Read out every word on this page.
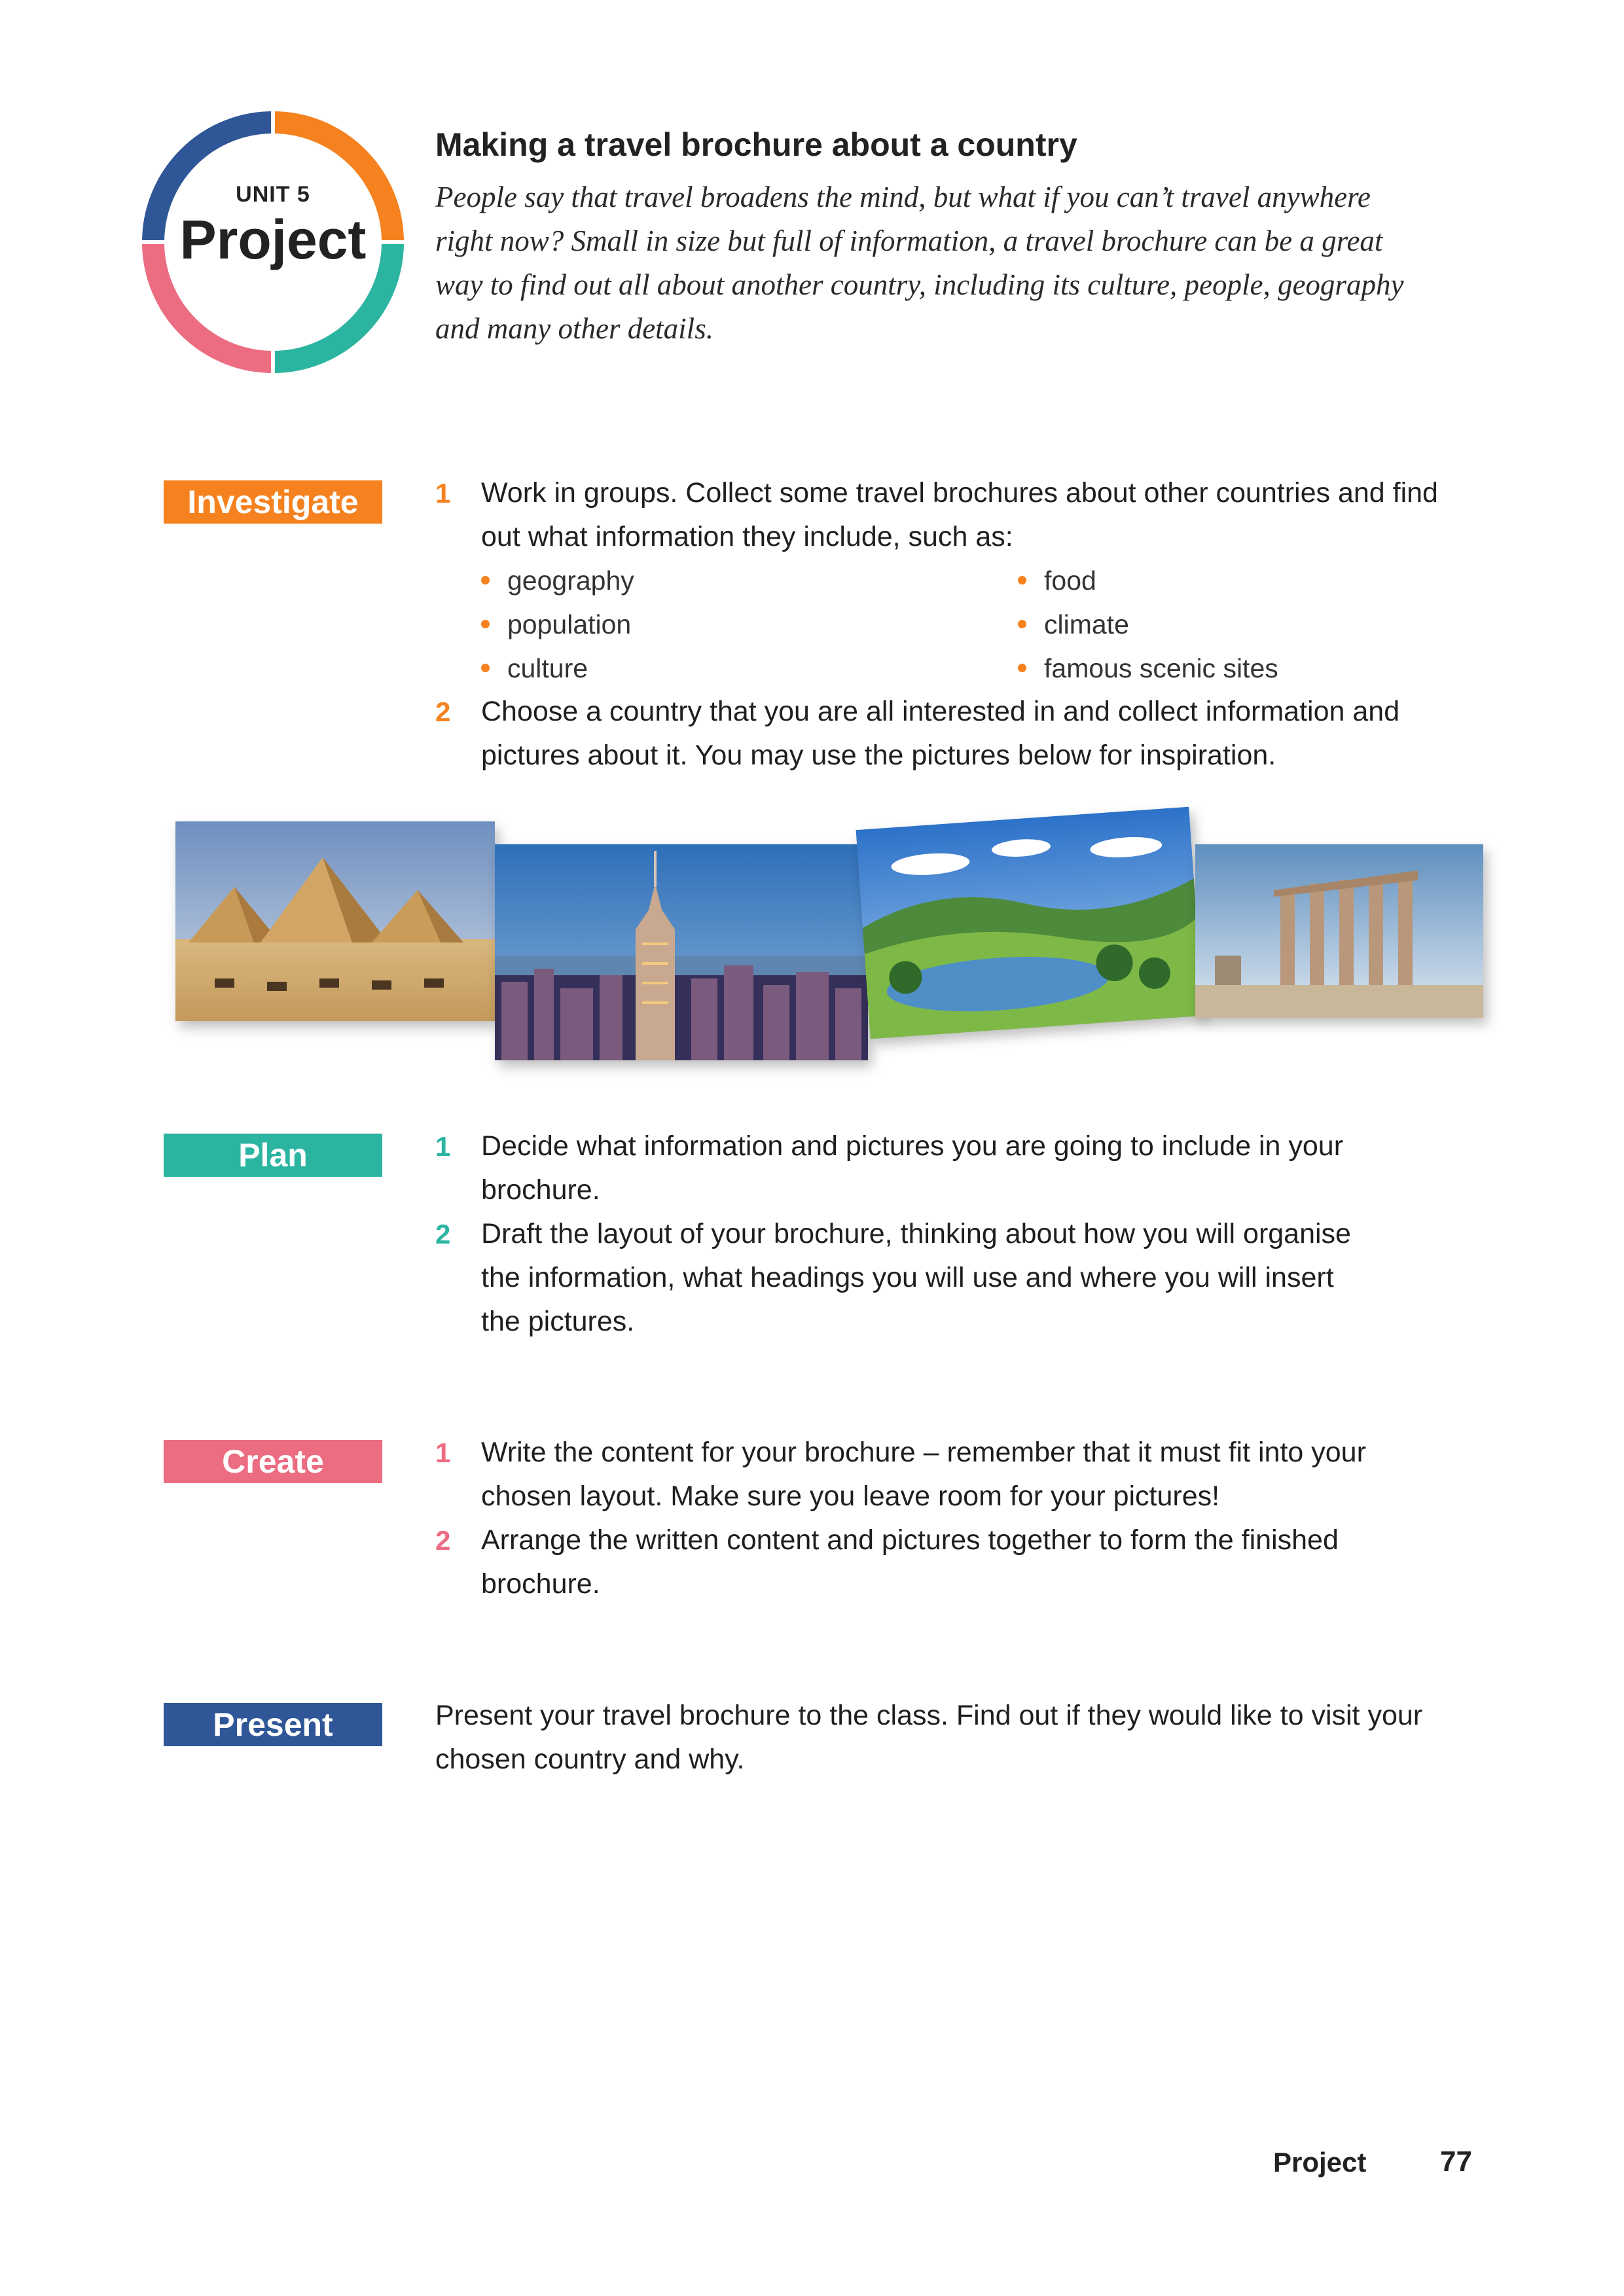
UNIT 5
Project
Making a travel brochure about a country
People say that travel broadens the mind, but what if you can’t travel anywhere
right now? Small in size but full of information, a travel brochure can be a great
way to find out all about another country, including its culture, people, geography
and many other details.
Investigate	1 Work in groups. Collect some travel brochures about other countries and find
out what information they include, such as:
geography
population
culture
food
climate
famous scenic sites
2 Choose a country that you are all interested in and collect information and
pictures about it. You may use the pictures below for inspiration.
Plan	1 Decide what information and pictures you are going to include in your
brochure.
2 Draft the layout of your brochure, thinking about how you will organise
the information, what headings you will use and where you will insert
the pictures.
Create	1 Write the content for your brochure – remember that it must fit into your
chosen layout. Make sure you leave room for your pictures!
2 Arrange the written content and pictures together to form the finished
brochure.
Present	Present your travel brochure to the class. Find out if they would like to visit your
chosen country and why.
Project	77
